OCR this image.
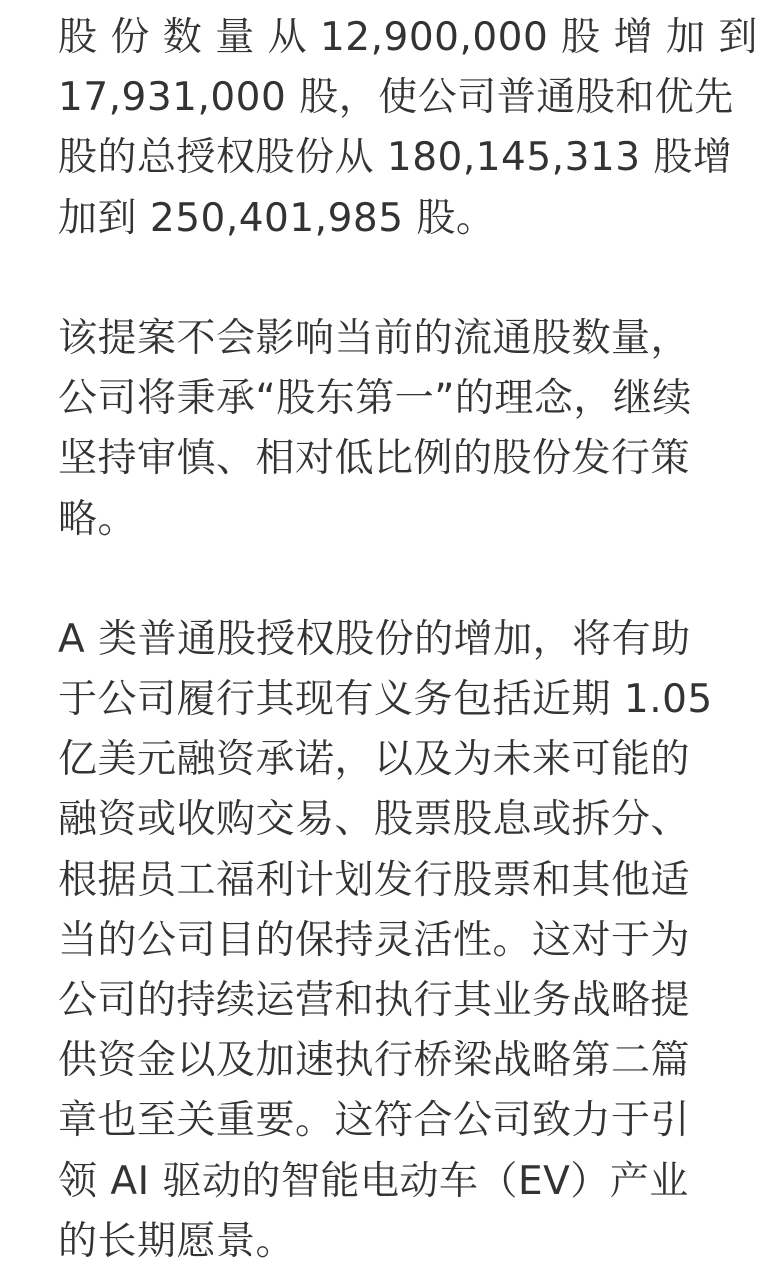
股 份 数 量 从 12,900,000 股 增 加 到
17,931,000 股，使公司普通股和优先
股的总授权股份从 180,145,313 股增
加到 250,401,985 股。

该提案不会影响当前的流通股数量，
公司将秉承“股东第一”的理念，继续
坚持审慎、相对低比例的股份发行策
略。

A 类普通股授权股份的增加，将有助
于公司履行其现有义务包括近期 1.05
亿美元融资承诺，以及为未来可能的
融资或收购交易、股票股息或拆分、
根据员工福利计划发行股票和其他适
当的公司目的保持灵活性。这对于为
公司的持续运营和执行其业务战略提
供资金以及加速执行桥梁战略第二篇
章也至关重要。这符合公司致力于引
领 AI 驱动的智能电动车（EV）产业
的长期愿景。
